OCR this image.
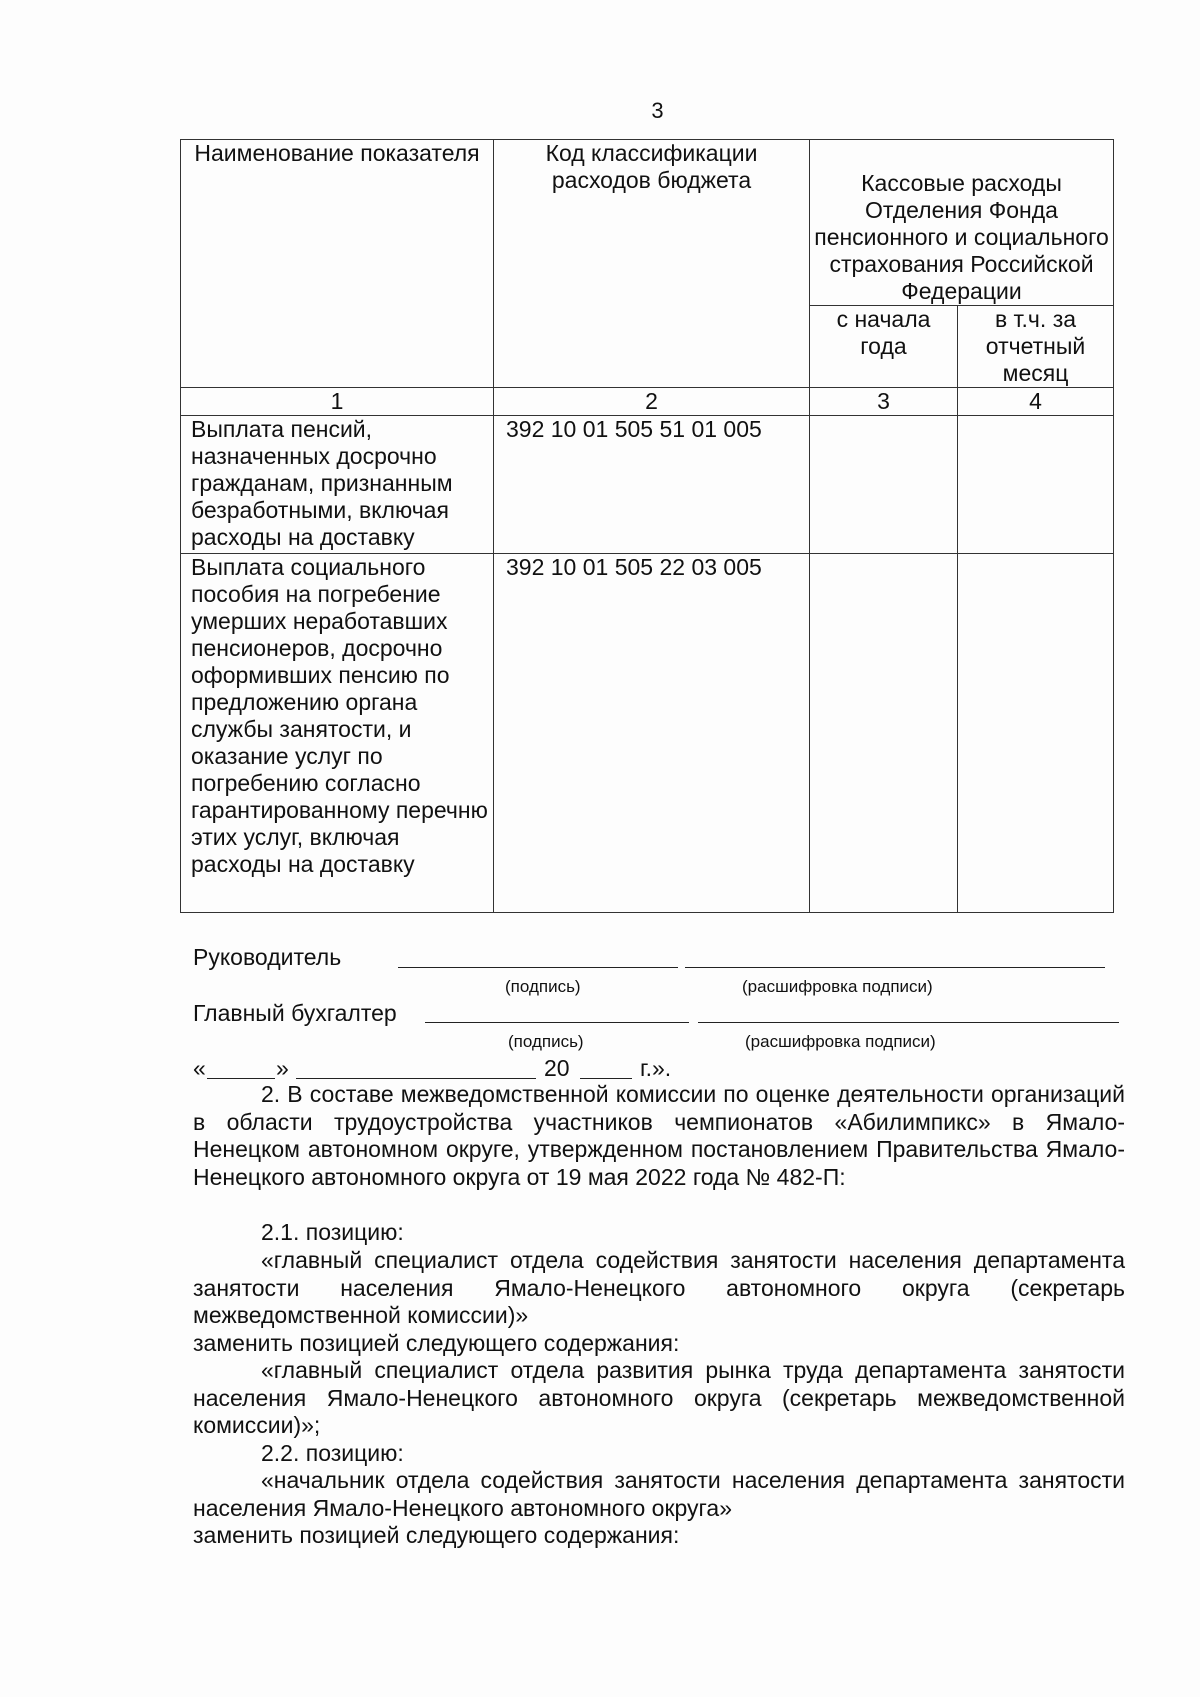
3
Наименование показателя	Код классификации расходов бюджета	Кассовые расходы Отделения Фонда пенсионного и социального страхования Российской Федерации	
		с начала года	в т.ч. за отчетный месяц
1	2	3	4
Выплата пенсий, назначенных досрочно гражданам, признанным безработными, включая расходы на доставку	392 10 01 505 51 01 005		
Выплата социального пособия на погребение умерших неработавших пенсионеров, досрочно оформивших пенсию по предложению органа службы занятости, и оказание услуг по погребению согласно гарантированному перечню этих услуг, включая расходы на доставку	392 10 01 505 22 03 005		
Руководитель
(подпись)	(расшифровка подписи)
Главный бухгалтер
(подпись)	(расшифровка подписи)
«	»	20	г.».
2. В составе межведомственной комиссии по оценке деятельности организаций в области трудоустройства участников чемпионатов «Абилимпикс» в Ямало-Ненецком автономном округе, утвержденном постановлением Правительства Ямало-Ненецкого автономного округа от 19 мая 2022 года № 482-П:
2.1. позицию:
«главный специалист отдела содействия занятости населения департамента занятости населения Ямало-Ненецкого автономного округа (секретарь межведомственной комиссии)»
заменить позицией следующего содержания:
«главный специалист отдела развития рынка труда департамента занятости населения Ямало-Ненецкого автономного округа (секретарь межведомственной комиссии)»;
2.2. позицию:
«начальник отдела содействия занятости населения департамента занятости населения Ямало-Ненецкого автономного округа»
заменить позицией следующего содержания:
